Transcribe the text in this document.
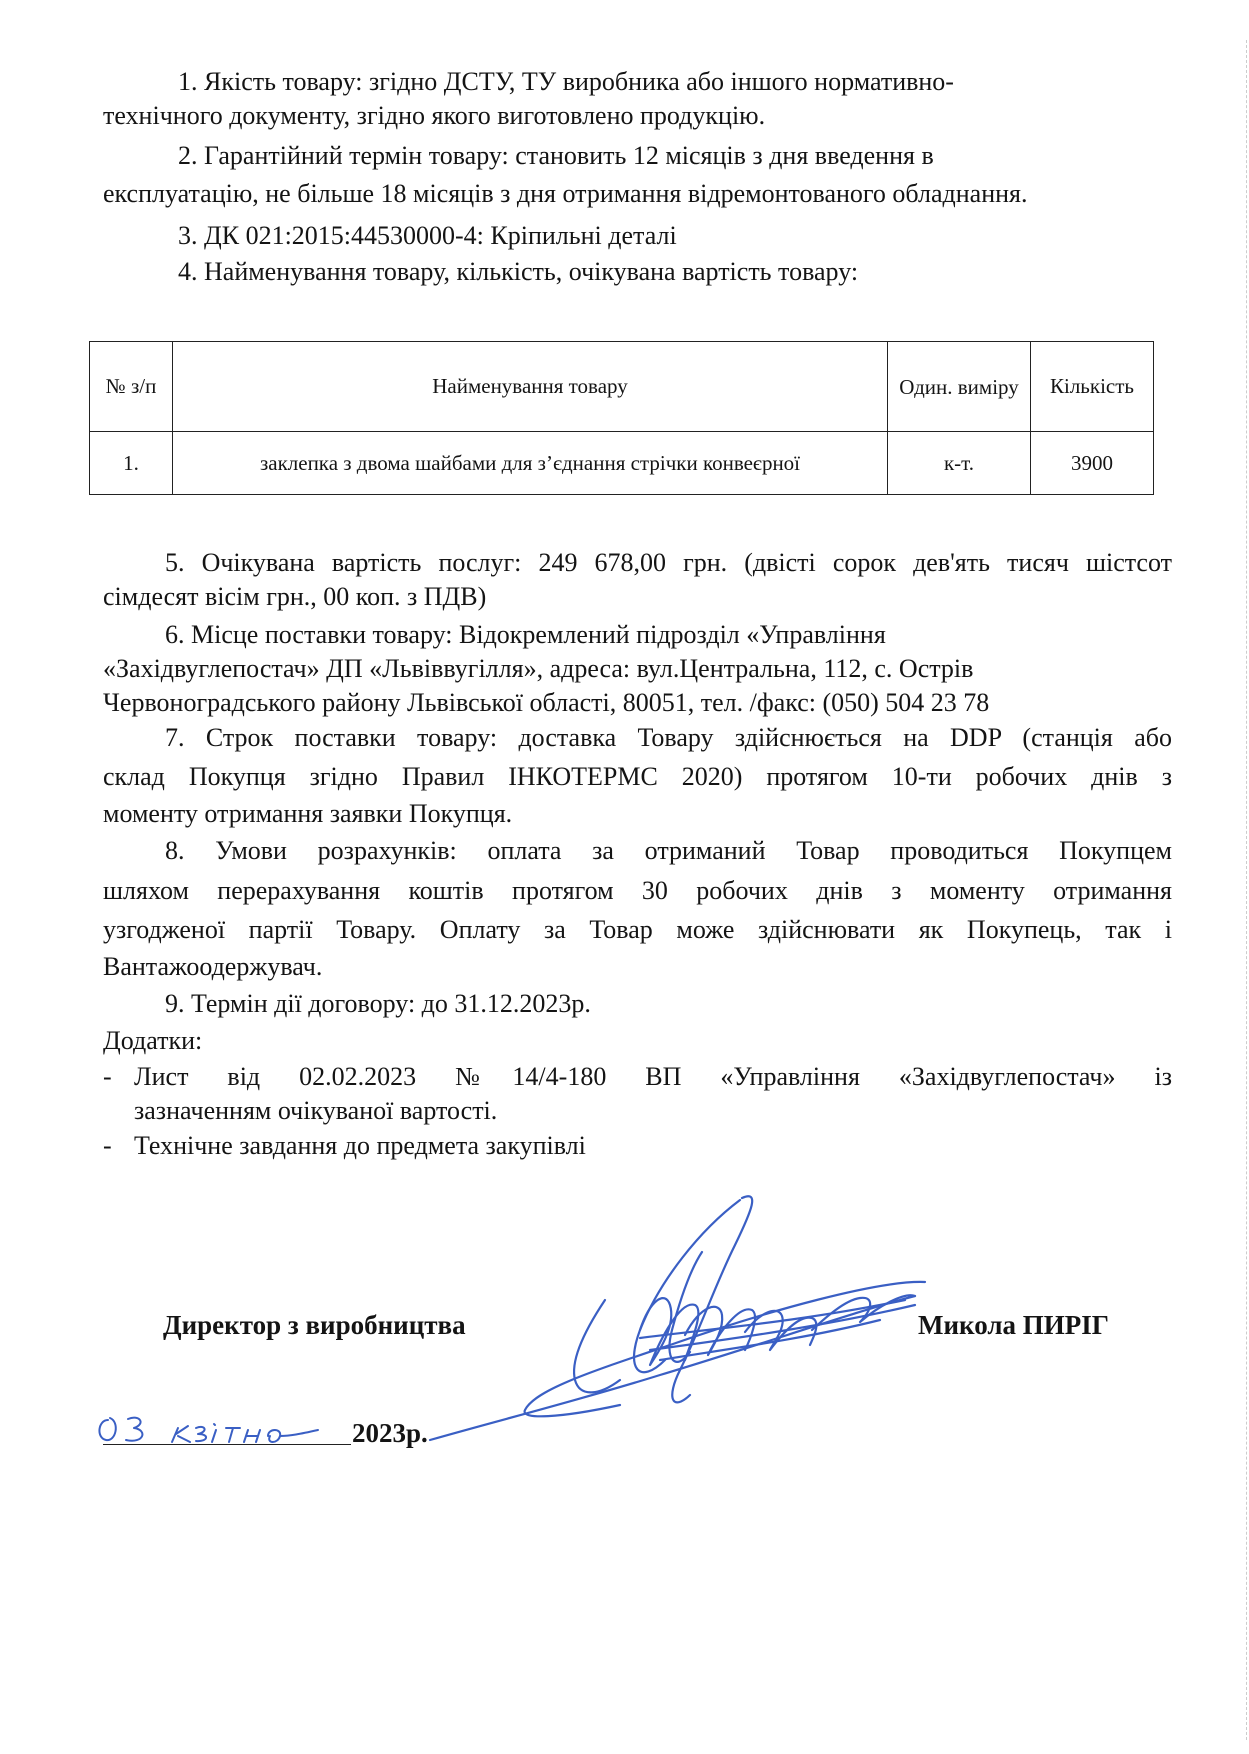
1. Якість товару: згідно ДСТУ, ТУ виробника або іншого нормативно-
технічного документу, згідно якого виготовлено продукцію.
2. Гарантійний термін товару: становить 12 місяців з дня введення в
експлуатацію, не більше 18 місяців з дня отримання відремонтованого обладнання.
3. ДК 021:2015:44530000-4: Кріпильні деталі
4. Найменування товару, кількість, очікувана вартість товару:
№ з/п	Найменування товару	Один. виміру	Кількість
1.	заклепка з двома шайбами для з’єднання стрічки конвеєрної	к-т.	3900
5. Очікувана вартість послуг: 249 678,00 грн. (двісті сорок дев'ять тисяч шістсот
сімдесят вісім грн., 00 коп. з ПДВ)
6. Місце поставки товару: Відокремлений підрозділ «Управління
«Західвуглепостач» ДП «Львіввугілля», адреса: вул.Центральна, 112, с. Острів
Червоноградського району Львівської області, 80051, тел. /факс: (050) 504 23 78
7. Строк поставки товару: доставка Товару здійснюється на DDP (станція або
склад Покупця згідно Правил ІНКОТЕРМС 2020) протягом 10-ти робочих днів з
моменту отримання заявки Покупця.
8. Умови розрахунків: оплата за отриманий Товар проводиться Покупцем
шляхом перерахування коштів протягом 30 робочих днів з моменту отримання
узгодженої партії Товару. Оплату за Товар може здійснювати як Покупець, так і
Вантажоодержувач.
9. Термін дії договору: до 31.12.2023р.
Додатки:
- Лист від 02.02.2023 №14/4-180 ВП «Управління «Західвуглепостач» із
зазначенням очікуваної вартості.
- Технічне завдання до предмета закупівлі
Директор з виробництва	Микола ПИРІГ
2023р.
